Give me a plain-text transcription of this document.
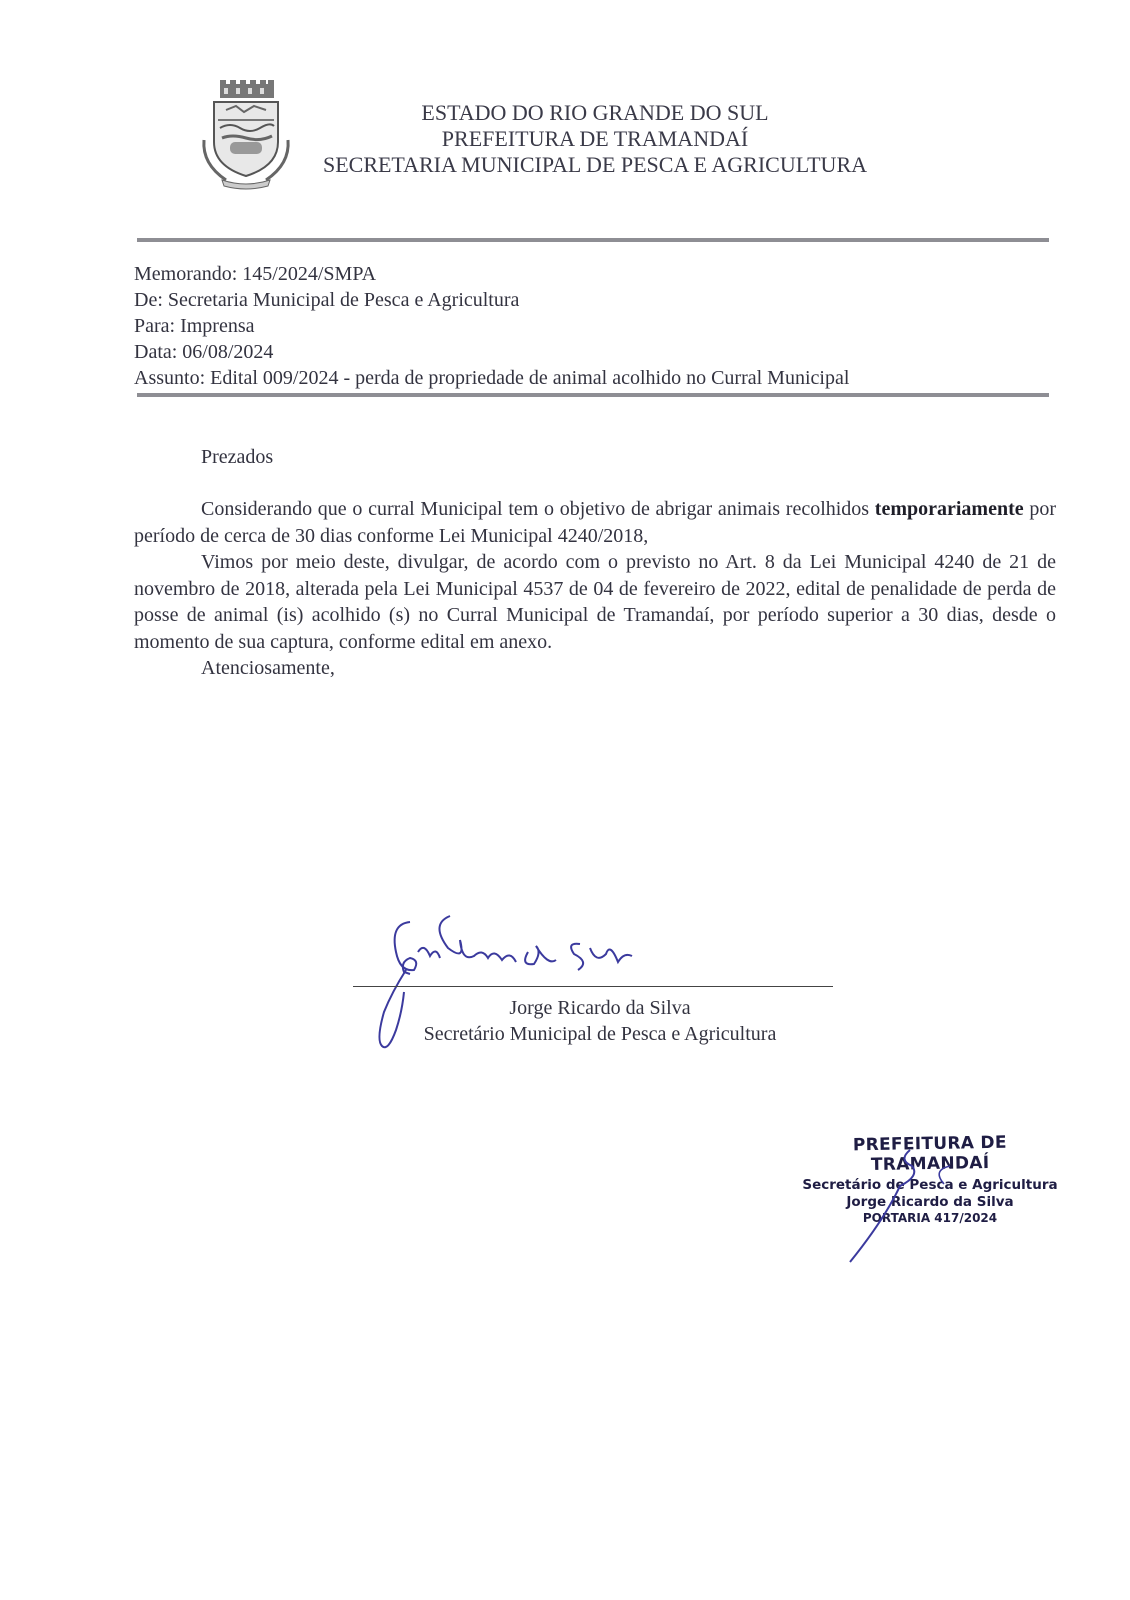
ESTADO DO RIO GRANDE DO SUL
PREFEITURA DE TRAMANDAÍ
SECRETARIA MUNICIPAL DE PESCA E AGRICULTURA
Memorando: 145/2024/SMPA
De: Secretaria Municipal de Pesca e Agricultura
Para: Imprensa
Data: 06/08/2024
Assunto: Edital 009/2024 - perda de propriedade de animal acolhido no Curral Municipal
Prezados

Considerando que o curral Municipal tem o objetivo de abrigar animais recolhidos temporariamente por período de cerca de 30 dias conforme Lei Municipal 4240/2018,

Vimos por meio deste, divulgar, de acordo com o previsto no Art. 8 da Lei Municipal 4240 de 21 de novembro de 2018, alterada pela Lei Municipal 4537 de 04 de fevereiro de 2022, edital de penalidade de perda de posse de animal (is) acolhido (s) no Curral Municipal de Tramandaí, por período superior a 30 dias, desde o momento de sua captura, conforme edital em anexo.

Atenciosamente,

Jorge Ricardo da Silva
Secretário Municipal de Pesca e Agricultura
PREFEITURA DE TRAMANDAÍ
Secretário de Pesca e Agricultura
Jorge Ricardo da Silva
PORTARIA 417/2024
